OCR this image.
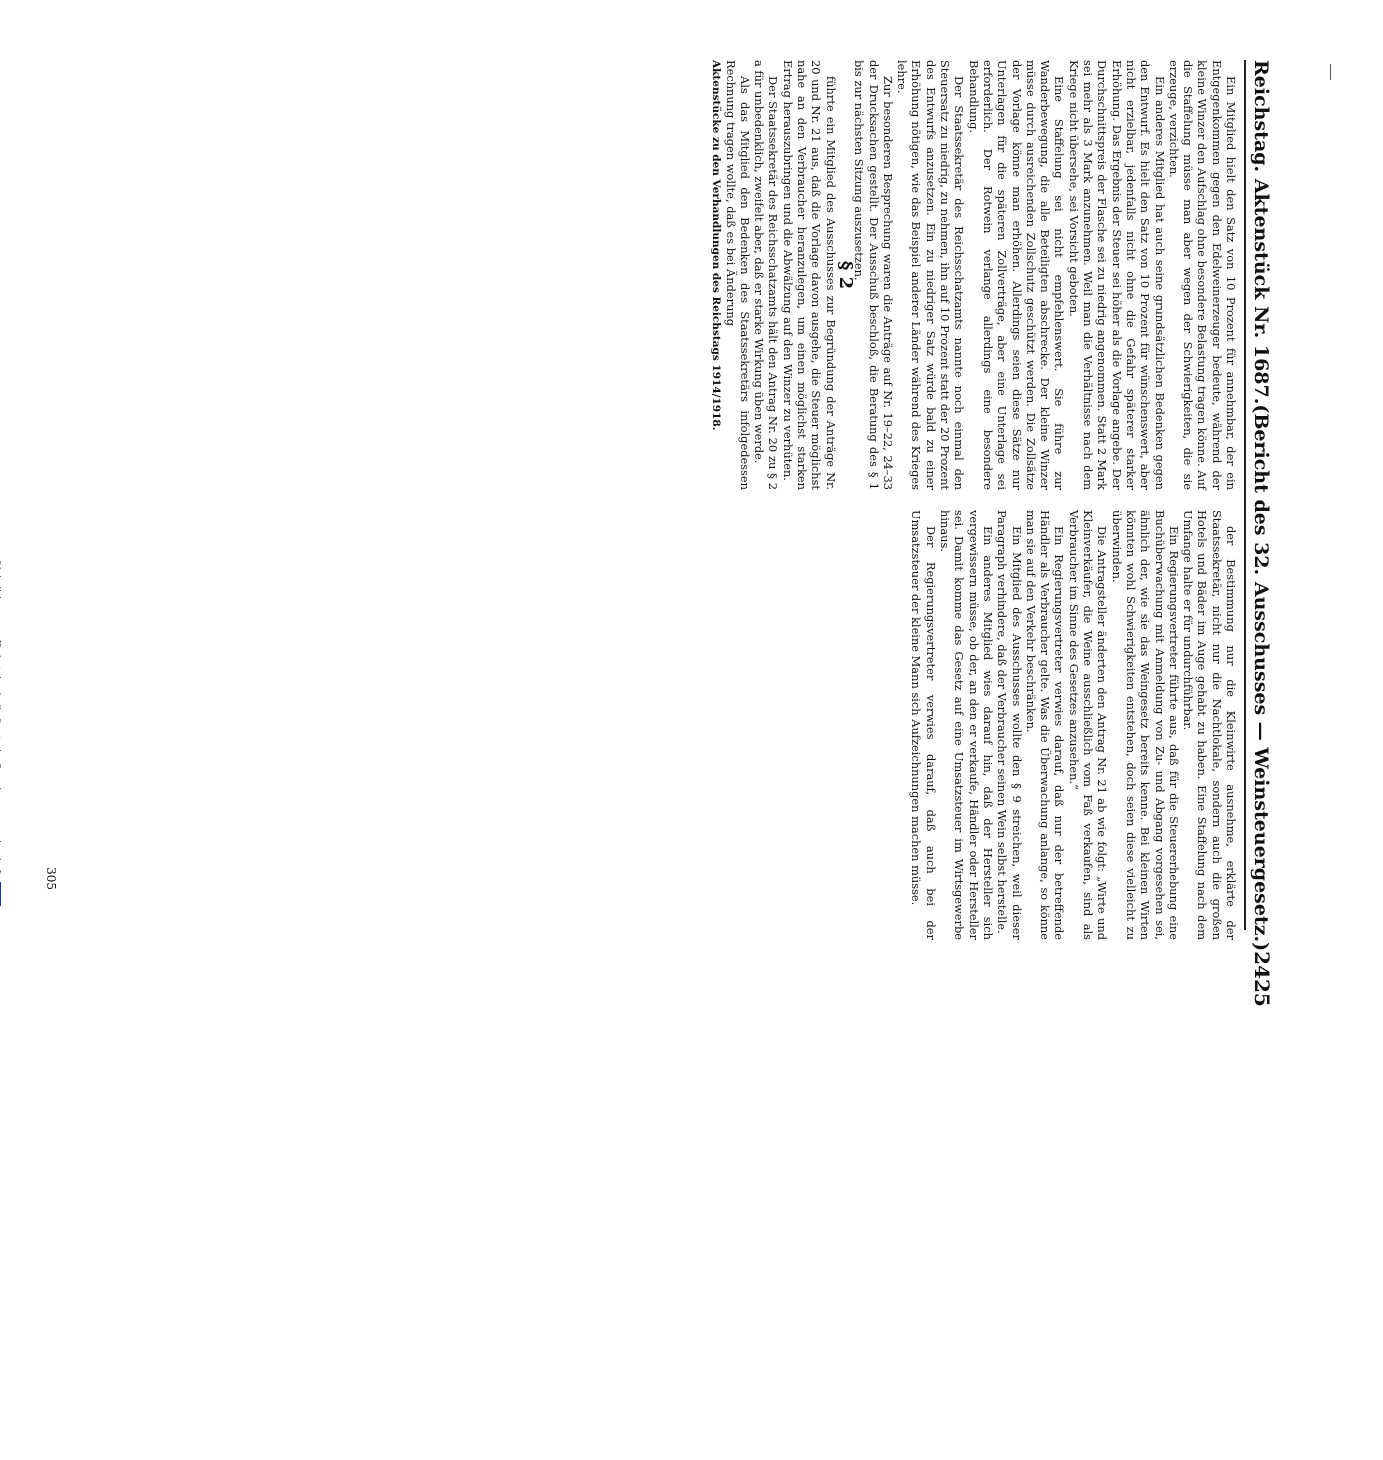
Reichstag. Aktenstück Nr. 1687.
(Bericht des 32. Ausschusses — Weinsteuergesetz.)
2425

Ein Mitglied hielt den Satz von 10 Prozent für annehmbar, der ein Entgegenkommen gegen den Edelweinerzeuger bedeute, während der kleine Winzer den Aufschlag ohne besondere Belastung tragen könne. Auf die Staffelung müsse man aber wegen der Schwierigkeiten, die sie erzeuge, verzichten.

Ein anderes Mitglied hat auch seine grundsätzlichen Bedenken gegen den Entwurf. Es hielt den Satz von 10 Prozent für wünschenswert, aber nicht erzielbar, jedenfalls nicht ohne die Gefahr späterer starker Erhöhung. Das Ergebnis der Steuer sei höher als die Vorlage angebe. Der Durchschnittspreis der Flasche sei zu niedrig angenommen. Statt 2 Mark sei mehr als 3 Mark anzunehmen. Weil man die Verhältnisse nach dem Kriege nicht übersehe, sei Vorsicht geboten.

Eine Staffelung sei nicht empfehlenswert. Sie führe zur Wanderbewegung, die alle Beteiligten abschrecke. Der kleine Winzer müsse durch ausreichenden Zollschutz geschützt werden. Die Zollsätze der Vorlage könne man erhöhen. Allerdings seien diese Sätze nur Unterlagen für die späteren Zollverträge, aber eine Unterlage sei erforderlich. Der Rotwein verlange allerdings eine besondere Behandlung.

Der Staatssekretär des Reichsschatzamts nannte noch einmal den Steuersatz zu niedrig, zu nehmen, ihn auf 10 Prozent statt der 20 Prozent des Entwurfs anzusetzen. Ein zu niedriger Satz würde bald zu einer Erhöhung nötigen, wie das Beispiel anderer Länder während des Krieges lehre.

Zur besonderen Besprechung waren die Anträge auf Nr. 19–22, 24–33 der Drucksachen gestellt. Der Ausschuß beschloß, die Beratung des § 1 bis zur nächsten Sitzung auszusetzen.

§ 2

führte ein Mitglied des Ausschusses zur Begründung der Anträge Nr. 20 und Nr. 21 aus, daß die Vorlage davon ausgehe, die Steuer möglichst nahe an den Verbraucher heranzulegen, um einen möglichst starken Ertrag herauszubringen und die Abwälzung auf den Winzer zu verhüten.

Der Staatssekretär des Reichsschatzamts hält den Antrag Nr. 20 zu § 2 a für unbedenklich, zweifelt aber, daß er starke Wirkung üben werde.

Als das Mitglied den Bedenken des Staatssekretärs infolgedessen Rechnung tragen wollte, daß es bei Änderung

Aktenstücke zu den Verhandlungen des Reichstags 1914/1918.

der Bestimmung nur die Kleinwirte ausnehme, erklärte der Staatssekretär, nicht nur die Nachtlokale, sondern auch die großen Hotels und Bäder im Auge gehabt zu haben. Eine Staffelung nach dem Umfange halte er für undurchführbar.

Ein Regierungsvertreter führte aus, daß für die Steuererhebung eine Buchüberwachung mit Anmeldung von Zu- und Abgang vorgesehen sei, ähnlich der, wie sie das Weingesetz bereits kenne. Bei kleinen Wirten könnten wohl Schwierigkeiten entstehen, doch seien diese vielleicht zu überwinden.

Die Antragsteller änderten den Antrag Nr. 21 ab wie folgt: „Wirte und Kleinverkäufer, die Weine ausschließlich vom Faß verkaufen, sind als Verbraucher im Sinne des Gesetzes anzusehen.“

Ein Regierungsvertreter verwies darauf, daß nur der betreffende Händler als Verbraucher gelte. Was die Überwachung anlange, so könne man sie auf den Verkehr beschränken.

Ein Mitglied des Ausschusses wollte den § 9 streichen, weil dieser Paragraph verhindere, daß der Verbraucher seinen Wein selbst herstelle.

Ein anderes Mitglied wies darauf hin, daß der Hersteller sich vergewissern müsse, ob der, an den er verkaufe, Händler oder Hersteller sei. Damit komme das Gesetz auf eine Umsatzsteuer im Wirtsgewerbe hinaus.

Der Regierungsvertreter verwies darauf, daß auch bei der Umsatzsteuer der kleine Mann sich Aufzeichnungen machen müsse.

305
